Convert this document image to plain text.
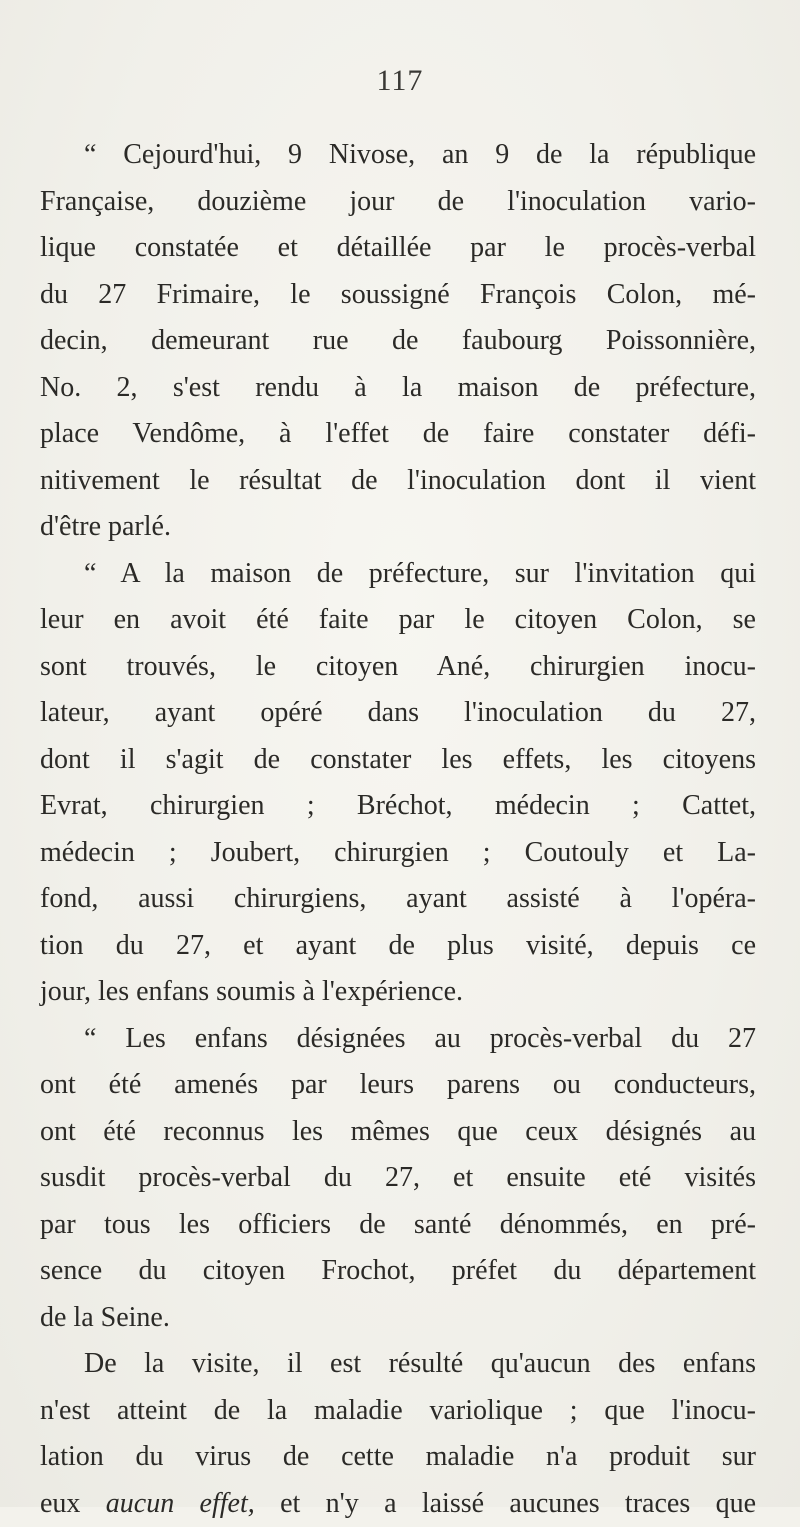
117
“ Cejourd'hui, 9 Nivose, an 9 de la république
Française, douzième jour de l'inoculation vario-
lique constatée et détaillée par le procès-verbal
du 27 Frimaire, le soussigné François Colon, mé-
decin, demeurant rue de faubourg Poissonnière,
No. 2, s'est rendu à la maison de préfecture,
place Vendôme, à l'effet de faire constater défi-
nitivement le résultat de l'inoculation dont il vient
d'être parlé.
“ A la maison de préfecture, sur l'invitation qui
leur en avoit été faite par le citoyen Colon, se
sont trouvés, le citoyen Ané, chirurgien inocu-
lateur, ayant opéré dans l'inoculation du 27,
dont il s'agit de constater les effets, les citoyens
Evrat, chirurgien ; Bréchot, médecin ; Cattet,
médecin ; Joubert, chirurgien ; Coutouly et La-
fond, aussi chirurgiens, ayant assisté à l'opéra-
tion du 27, et ayant de plus visité, depuis ce
jour, les enfans soumis à l'expérience.
“ Les enfans désignées au procès-verbal du 27
ont été amenés par leurs parens ou conducteurs,
ont été reconnus les mêmes que ceux désignés au
susdit procès-verbal du 27, et ensuite eté visités
par tous les officiers de santé dénommés, en pré-
sence du citoyen Frochot, préfet du département
de la Seine.
De la visite, il est résulté qu'aucun des enfans
n'est atteint de la maladie variolique ; que l'inocu-
lation du virus de cette maladie n'a produit sur
eux aucun effet, et n'y a laissé aucunes traces que
